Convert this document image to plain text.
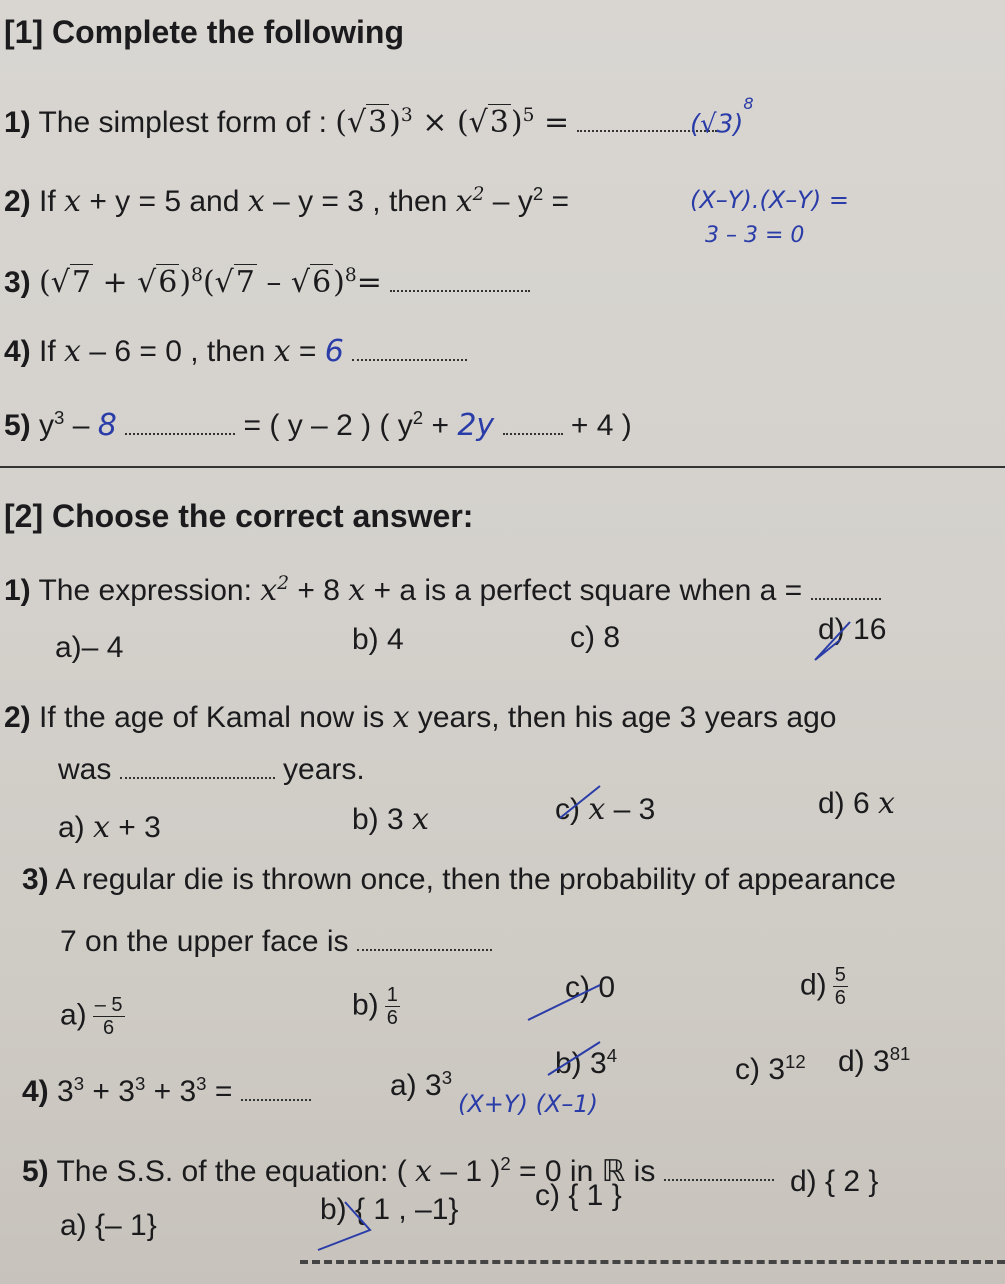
[1] Complete the following
1) The simplest form of : $(√3)^3 \times (√3)^5$ =	$(√3)^8$
2) If x + y = 5 and x – y = 3 , then $x^2 - y^2$ =	(X–Y).(X–Y) =
3 – 3 = 0
3) $(√7 + √6)^8(√7 - √6)^8=$
4) If x – 6 = 0 , then x = 6
5) $y^3 - 8$	= ( y – 2 ) ( $y^2 + 2y$	+ 4 )
[2] Choose the correct answer:
1) The expression: $x^2 + 8$ x + a is a perfect square when a =
a)– 4	b) 4	c) 8	d) 16
2) If the age of Kamal now is x years, then his age 3 years ago
was	years.
a) x + 3	b) 3 x	c) x – 3	d) 6 x
3) A regular die is thrown once, then the probability of appearance
7 on the upper face is
$a) \frac{- 5}{6}$	$b) \frac{1}{6}$	c) 0	$d) \frac{5}{6}$
4) $3^3 + 3^3 + 3^3$ =	a) $3^3$	b) $3^4$	c) $3^{12}$ d) $3^{81}$
(X+Y) (X–1)
5) The S.S. of the equation: ( x – 1 )$^2$ = 0 in ℝ is
a) {– 1}	b) { 1 , –1}	c) { 1 }	d) { 2 }
